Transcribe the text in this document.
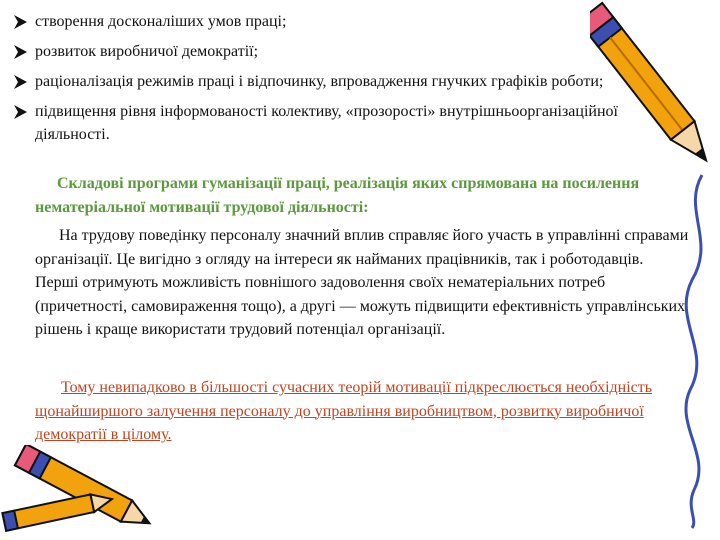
створення досконаліших умов праці;
розвиток виробничої демократії;
раціоналізація режимів праці і відпочинку, впровадження гнучких графіків роботи;
підвищення рівня інформованості колективу, «прозорості» внутрішньоорганізаційної діяльності.

Складові програми гуманізації праці, реалізація яких спрямована на посилення нематеріальної мотивації трудової діяльності:

На трудову поведінку персоналу значний вплив справляє його участь в управлінні справами організації. Це вигідно з огляду на інтереси як найманих працівників, так і роботодавців. Перші отримують можливість повнішого задоволення своїх нематеріальних потреб (причетності, самовираження тощо), а другі — можуть підвищити ефективність управлінських рішень і краще використати трудовий потенціал організації.

Тому невипадково в більшості сучасних теорій мотивації підкреслюється необхідність щонайширшого залучення персоналу до управління виробництвом, розвитку виробничої демократії в цілому.
